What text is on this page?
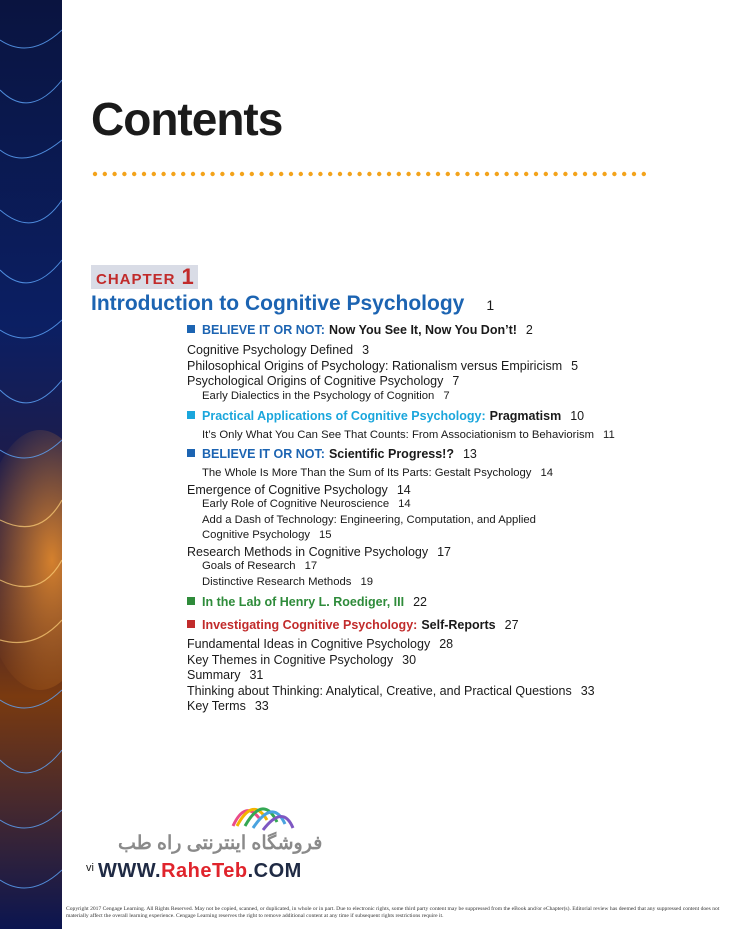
Contents
CHAPTER 1
Introduction to Cognitive Psychology 1
BELIEVE IT OR NOT: Now You See It, Now You Don’t! 2
Cognitive Psychology Defined 3
Philosophical Origins of Psychology: Rationalism versus Empiricism 5
Psychological Origins of Cognitive Psychology 7
Early Dialectics in the Psychology of Cognition 7
Practical Applications of Cognitive Psychology: Pragmatism 10
It’s Only What You Can See That Counts: From Associationism to Behaviorism 11
BELIEVE IT OR NOT: Scientific Progress!? 13
The Whole Is More Than the Sum of Its Parts: Gestalt Psychology 14
Emergence of Cognitive Psychology 14
Early Role of Cognitive Neuroscience 14
Add a Dash of Technology: Engineering, Computation, and Applied
Cognitive Psychology 15
Research Methods in Cognitive Psychology 17
Goals of Research 17
Distinctive Research Methods 19
In the Lab of Henry L. Roediger, III 22
Investigating Cognitive Psychology: Self-Reports 27
Fundamental Ideas in Cognitive Psychology 28
Key Themes in Cognitive Psychology 30
Summary 31
Thinking about Thinking: Analytical, Creative, and Practical Questions 33
Key Terms 33
فروشگاه اینترنتی راه طب
vi WWW.RaheTeb.COM
Copyright 2017 Cengage Learning. All Rights Reserved. May not be copied, scanned, or duplicated, in whole or in part. Due to electronic rights, some third party content may be suppressed from the eBook and/or eChapter(s). Editorial review has deemed that any suppressed content does not materially affect the overall learning experience. Cengage Learning reserves the right to remove additional content at any time if subsequent rights restrictions require it.
